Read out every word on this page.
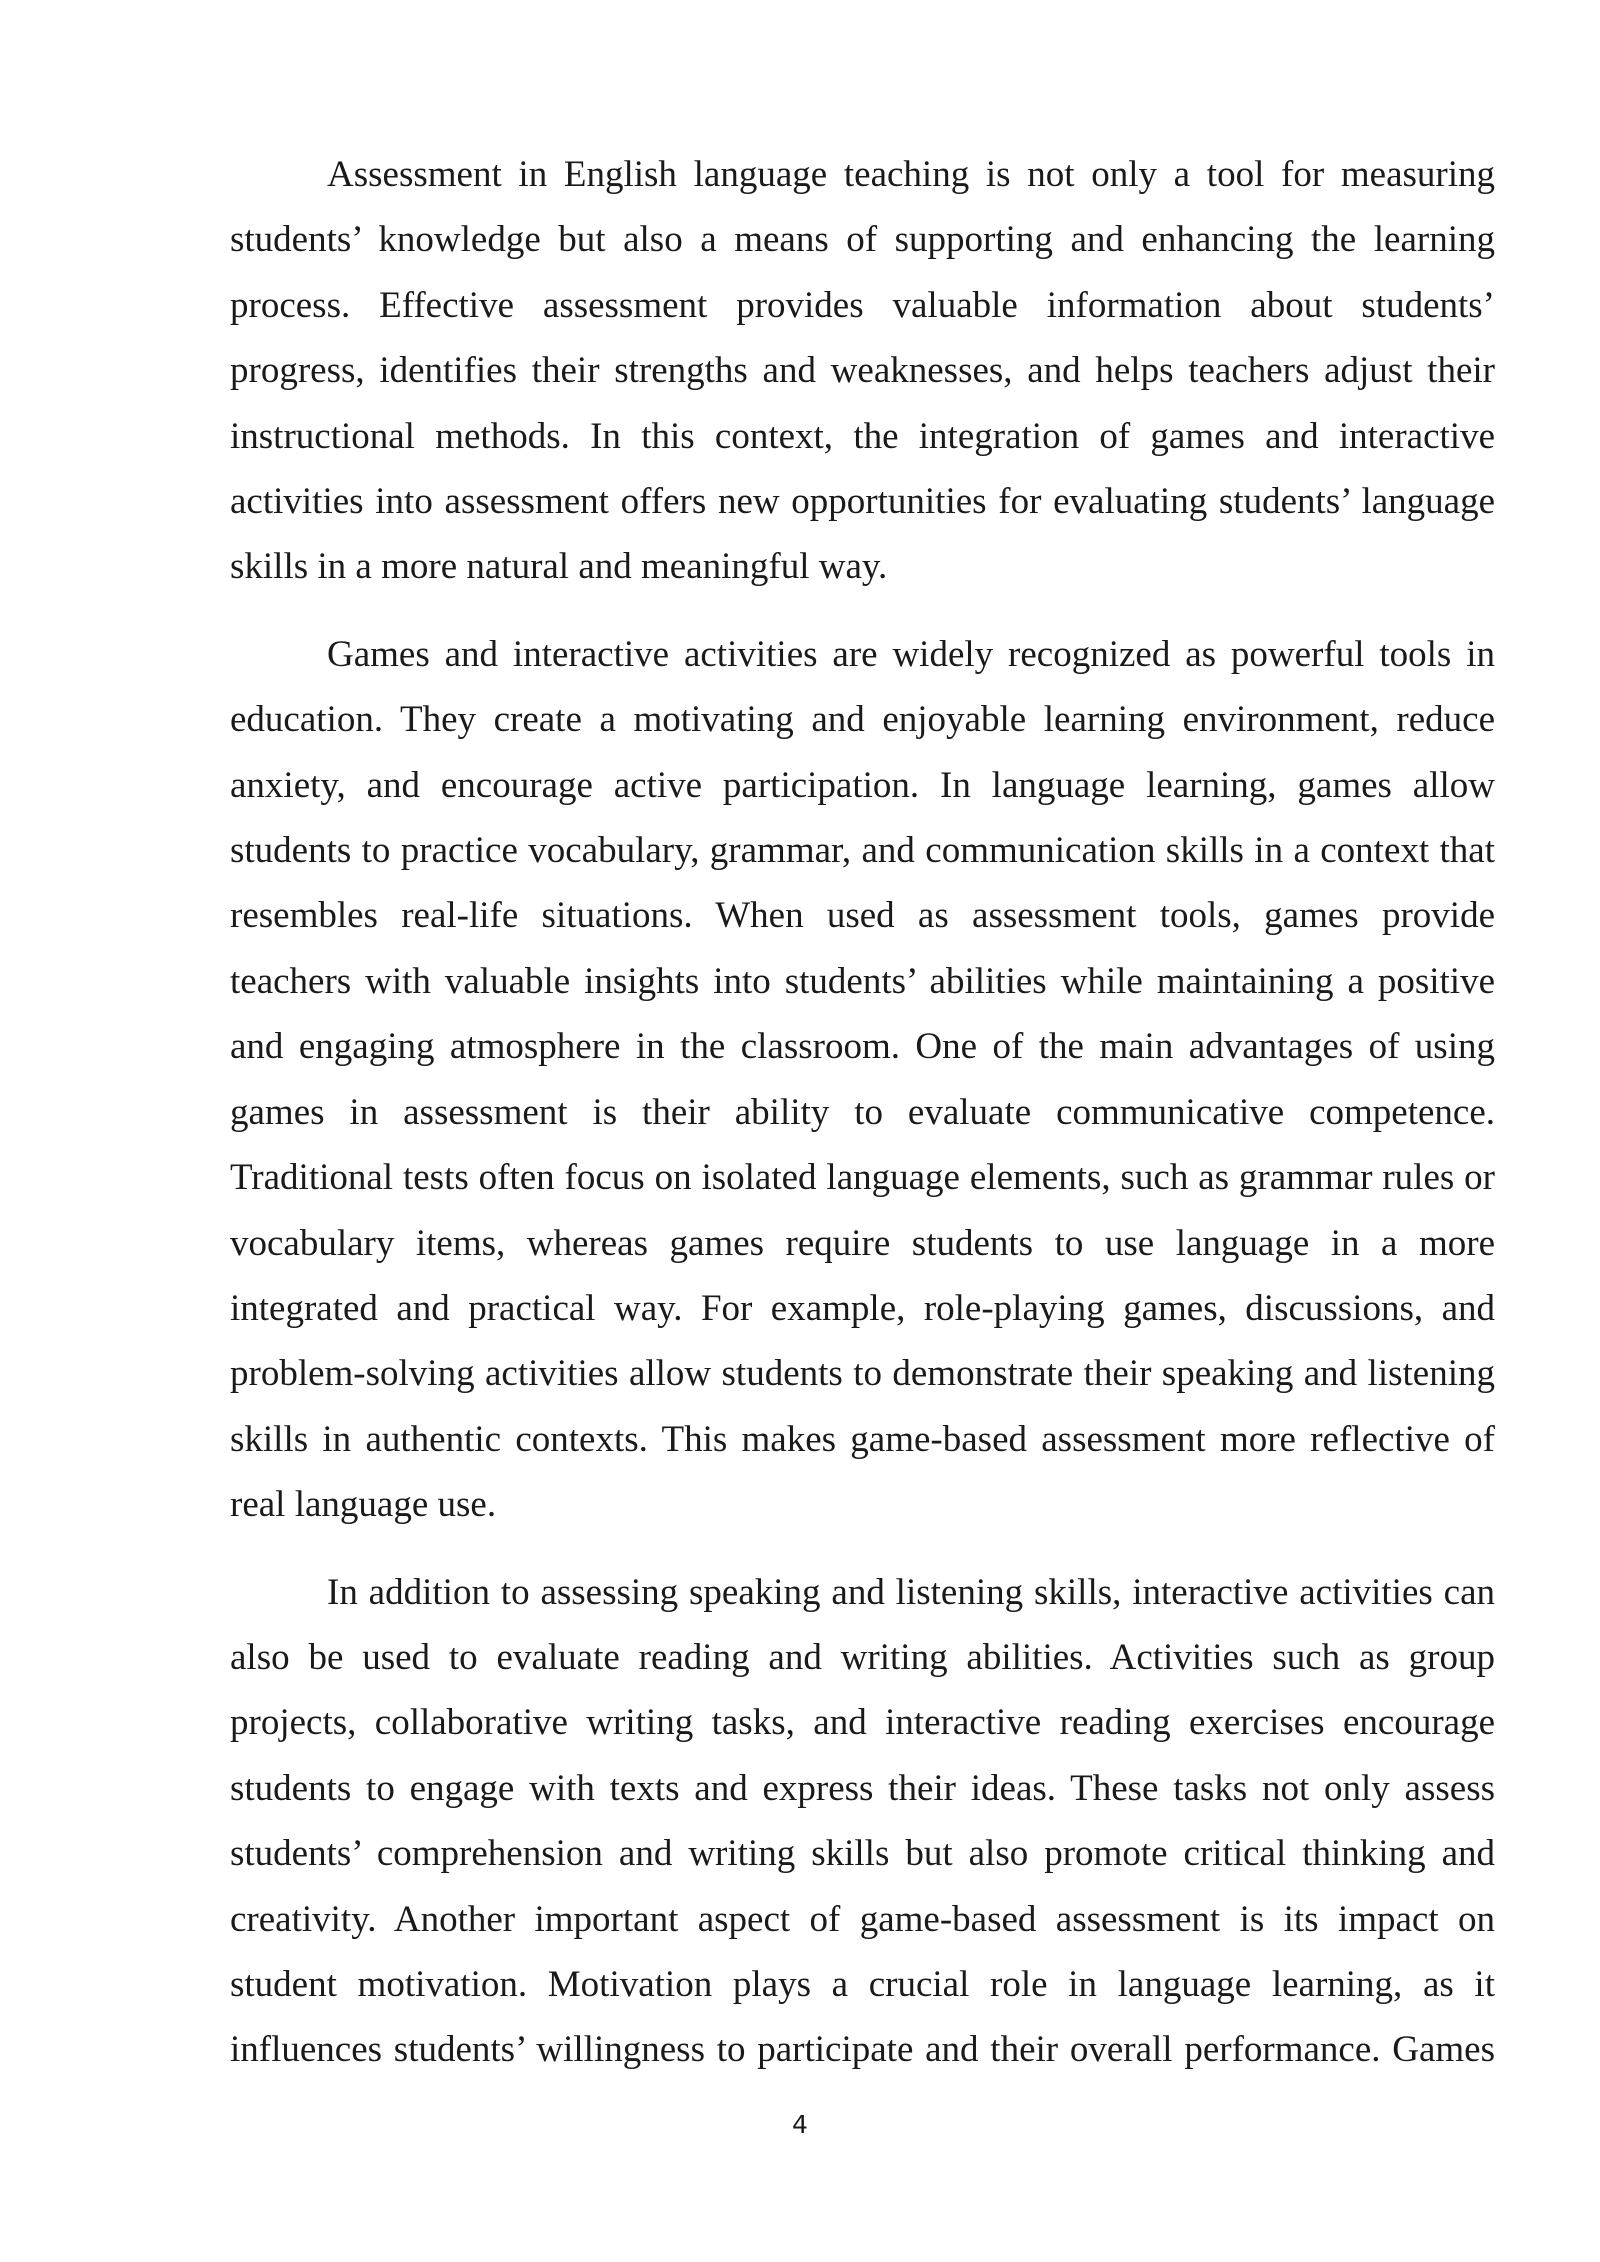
Assessment in English language teaching is not only a tool for measuring students’ knowledge but also a means of supporting and enhancing the learning process. Effective assessment provides valuable information about students’ progress, identifies their strengths and weaknesses, and helps teachers adjust their instructional methods. In this context, the integration of games and interactive activities into assessment offers new opportunities for evaluating students’ language skills in a more natural and meaningful way.

Games and interactive activities are widely recognized as powerful tools in education. They create a motivating and enjoyable learning environment, reduce anxiety, and encourage active participation. In language learning, games allow students to practice vocabulary, grammar, and communication skills in a context that resembles real-life situations. When used as assessment tools, games provide teachers with valuable insights into students’ abilities while maintaining a positive and engaging atmosphere in the classroom. One of the main advantages of using games in assessment is their ability to evaluate communicative competence. Traditional tests often focus on isolated language elements, such as grammar rules or vocabulary items, whereas games require students to use language in a more integrated and practical way. For example, role-playing games, discussions, and problem-solving activities allow students to demonstrate their speaking and listening skills in authentic contexts. This makes game-based assessment more reflective of real language use.

In addition to assessing speaking and listening skills, interactive activities can also be used to evaluate reading and writing abilities. Activities such as group projects, collaborative writing tasks, and interactive reading exercises encourage students to engage with texts and express their ideas. These tasks not only assess students’ comprehension and writing skills but also promote critical thinking and creativity. Another important aspect of game-based assessment is its impact on student motivation. Motivation plays a crucial role in language learning, as it influences students’ willingness to participate and their overall performance. Games

4
